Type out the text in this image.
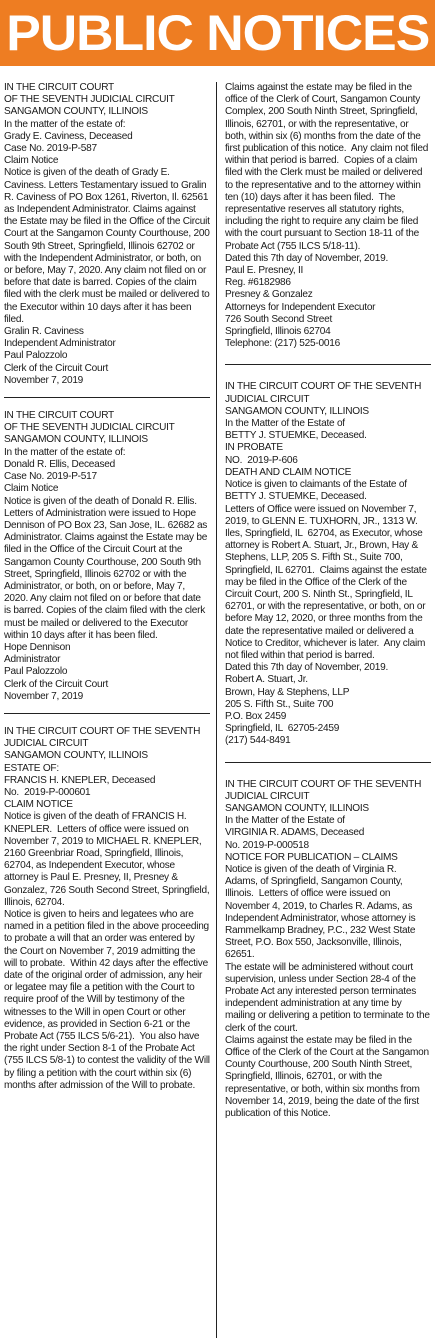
PUBLIC NOTICES

IN THE CIRCUIT COURT

OF THE SEVENTH JUDICIAL CIRCUIT

SANGAMON COUNTY, ILLINOIS

In the matter of the estate of:

Grady E. Caviness, Deceased

Case No. 2019-P-587

Claim Notice

Notice is given of the death of Grady E. Caviness. Letters Testamentary issued to Gralin R. Caviness of PO Box 1261, Riverton, Il. 62561 as Independent Administrator. Claims against the Estate may be filed in the Office of the Circuit Court at the Sangamon County Courthouse, 200 South 9th Street, Springfield, Illinois 62702 or with the Independent Administrator, or both, on or before, May 7, 2020. Any claim not filed on or before that date is barred. Copies of the claim filed with the clerk must be mailed or delivered to the Executor within 10 days after it has been filed.

Gralin R. Caviness

Independent Administrator

Paul Palozzolo

Clerk of the Circuit Court

November 7, 2019

IN THE CIRCUIT COURT

OF THE SEVENTH JUDICIAL CIRCUIT

SANGAMON COUNTY, ILLINOIS

In the matter of the estate of:

Donald R. Ellis, Deceased

Case No. 2019-P-517

Claim Notice

Notice is given of the death of Donald R. Ellis. Letters of Administration were issued to Hope Dennison of PO Box 23, San Jose, IL. 62682 as Administrator. Claims against the Estate may be filed in the Office of the Circuit Court at the Sangamon County Courthouse, 200 South 9th Street, Springfield, Illinois 62702 or with the Administrator, or both, on or before, May 7, 2020. Any claim not filed on or before that date is barred. Copies of the claim filed with the clerk must be mailed or delivered to the Executor within 10 days after it has been filed.

Hope Dennison

Administrator

Paul Palozzolo

Clerk of the Circuit Court

November 7, 2019

IN THE CIRCUIT COURT OF THE SEVENTH JUDICIAL CIRCUIT

SANGAMON COUNTY, ILLINOIS

ESTATE OF:

FRANCIS H. KNEPLER, Deceased

No.  2019-P-000601

CLAIM NOTICE

Notice is given of the death of FRANCIS H. KNEPLER.  Letters of office were issued on November 7, 2019 to MICHAEL R. KNEPLER, 2160 Greenbriar Road, Springfield, Illinois, 62704, as Independent Executor, whose attorney is Paul E. Presney, II, Presney & Gonzalez, 726 South Second Street, Springfield, Illinois, 62704.

Notice is given to heirs and legatees who are named in a petition filed in the above proceeding to probate a will that an order was entered by the Court on November 7, 2019 admitting the will to probate.  Within 42 days after the effective date of the original order of admission, any heir or legatee may file a petition with the Court to require proof of the Will by testimony of the witnesses to the Will in open Court or other evidence, as provided in Section 6-21 or the Probate Act (755 ILCS 5/6-21).  You also have the right under Section 8-1 of the Probate Act (755 ILCS 5/8-1) to contest the validity of the Will by filing a petition with the court within six (6) months after admission of the Will to probate.

Claims against the estate may be filed in the office of the Clerk of Court, Sangamon County Complex, 200 South Ninth Street, Springfield, Illinois, 62701, or with the representative, or both, within six (6) months from the date of the first publication of this notice.  Any claim not filed within that period is barred.  Copies of a claim filed with the Clerk must be mailed or delivered to the representative and to the attorney within ten (10) days after it has been filed.  The representative reserves all statutory rights, including the right to require any claim be filed with the court pursuant to Section 18-11 of the Probate Act (755 ILCS 5/18-11).

Dated this 7th day of November, 2019.

Paul E. Presney, II

Reg. #6182986

Presney & Gonzalez

Attorneys for Independent Executor

726 South Second Street

Springfield, Illinois 62704

Telephone: (217) 525-0016

IN THE CIRCUIT COURT OF THE SEVENTH JUDICIAL CIRCUIT

SANGAMON COUNTY, ILLINOIS

In the Matter of the Estate of

BETTY J. STUEMKE, Deceased.

IN PROBATE

NO.  2019-P-606

DEATH AND CLAIM NOTICE

Notice is given to claimants of the Estate of BETTY J. STUEMKE, Deceased.

Letters of Office were issued on November 7, 2019, to GLENN E. TUXHORN, JR., 1313 W. Iles, Springfield, IL  62704, as Executor, whose attorney is Robert A. Stuart, Jr., Brown, Hay & Stephens, LLP, 205 S. Fifth St., Suite 700, Springfield, IL 62701.  Claims against the estate may be filed in the Office of the Clerk of the Circuit Court, 200 S. Ninth St., Springfield, IL  62701, or with the representative, or both, on or before May 12, 2020, or three months from the date the representative mailed or delivered a Notice to Creditor, whichever is later.  Any claim not filed within that period is barred.

Dated this 7th day of November, 2019.

Robert A. Stuart, Jr.

Brown, Hay & Stephens, LLP

205 S. Fifth St., Suite 700

P.O. Box 2459

Springfield, IL  62705-2459

(217) 544-8491

IN THE CIRCUIT COURT OF THE SEVENTH JUDICIAL CIRCUIT

SANGAMON COUNTY, ILLINOIS

In the Matter of the Estate of

VIRGINIA R. ADAMS, Deceased

No. 2019-P-000518

NOTICE FOR PUBLICATION – CLAIMS

Notice is given of the death of Virginia R. Adams, of Springfield, Sangamon County, Illinois.  Letters of office were issued on November 4, 2019, to Charles R. Adams, as Independent Administrator, whose attorney is Rammelkamp Bradney, P.C., 232 West State Street, P.O. Box 550, Jacksonville, Illinois, 62651.

The estate will be administered without court supervision, unless under Section 28-4 of the Probate Act any interested person terminates independent administration at any time by mailing or delivering a petition to terminate to the clerk of the court.

Claims against the estate may be filed in the Office of the Clerk of the Court at the Sangamon County Courthouse, 200 South Ninth Street, Springfield, Illinois, 62701, or with the representative, or both, within six months from November 14, 2019, being the date of the first publication of this Notice.
